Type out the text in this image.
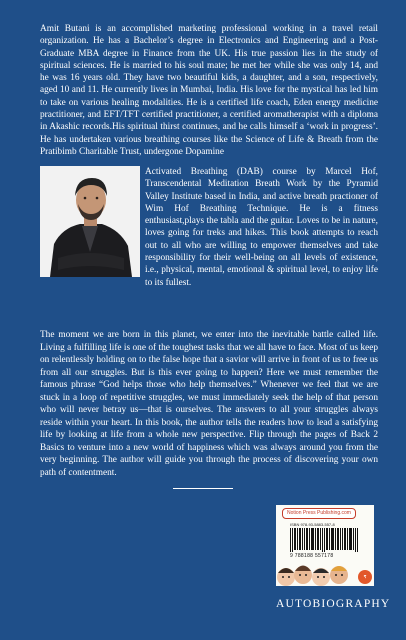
Amit Butani is an accomplished marketing professional working in a travel retail organization. He has a Bachelor’s degree in Electronics and Engineering and a Post-Graduate MBA degree in Finance from the UK. His true passion lies in the study of spiritual sciences. He is married to his soul mate; he met her while she was only 14, and he was 16 years old. They have two beautiful kids, a daughter, and a son, respectively, aged 10 and 11. He currently lives in Mumbai, India. His love for the mystical has led him to take on various healing modalities. He is a certified life coach, Eden energy medicine practitioner, and EFT/TFT certified practitioner, a certified aromatherapist with a diploma in Akashic records.His spiritual thirst continues, and he calls himself a ‘work in progress’. He has undertaken various breathing courses like the Science of Life & Breath from the Pratibimb Charitable Trust, undergone Dopamine

Activated Breathing (DAB) course by Marcel Hof, Transcendental Meditation Breath Work by the Pyramid Valley Institute based in India, and active breath practioner of Wim Hof Breathing Technique. He is a fitness enthusiast,plays the tabla and the guitar. Loves to be in nature, loves going for treks and hikes. This book attempts to reach out to all who are willing to empower themselves and take responsibility for their well-being on all levels of existence, i.e., physical, mental, emotional & spiritual level, to enjoy life to its fullest.

The moment we are born in this planet, we enter into the inevitable battle called life. Living a fulfilling life is one of the toughest tasks that we all have to face. Most of us keep on relentlessly holding on to the false hope that a savior will arrive in front of us to free us from all our struggles. But is this ever going to happen? Here we must remember the famous phrase “God helps those who help themselves.” Whenever we feel that we are stuck in a loop of repetitive struggles, we must immediately seek the help of that person who will never betray us—that is ourselves. The answers to all your struggles always reside within your heart. In this book, the author tells the readers how to lead a satisfying life by looking at life from a whole new perspective. Flip through the pages of Back 2 Basics to venture into a new world of happiness which was always around you from the very beginning. The author will guide you through the process of discovering your own path of contentment.

Notion Press Publishing.com
ISBN 978-93-5883-557-8
9 788188 557178
₹
AUTOBIOGRAPHY
